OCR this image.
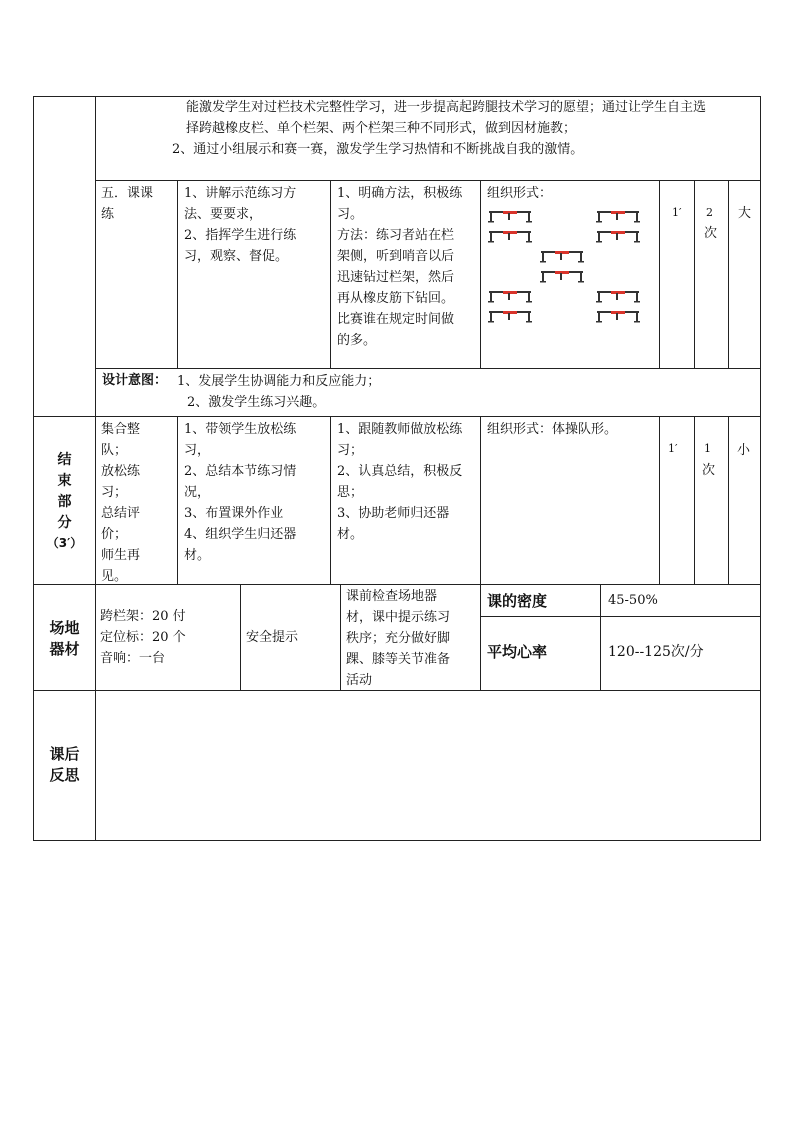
能激发学生对过栏技术完整性学习，进一步提高起跨腿技术学习的愿望；通过让学生自主选
择跨越橡皮栏、单个栏架、两个栏架三种不同形式，做到因材施教；
2、通过小组展示和赛一赛，激发学生学习热情和不断挑战自我的激情。
五．课课
练
1、讲解示范练习方
法、要要求，
2、指挥学生进行练
习，观察、督促。
1、明确方法，积极练
习。
方法：练习者站在栏
架侧，听到哨音以后
迅速钻过栏架，然后
再从橡皮筋下钻回。
比赛谁在规定时间做
的多。
组织形式：
1′ 2
次
大
设计意图： 1、发展学生协调能力和反应能力；
2、激发学生练习兴趣。
结
束
部
分
（3′）
集合整
队；
放松练
习；
总结评
价；
师生再
见。
1、带领学生放松练
习，
2、总结本节练习情
况，
3、布置课外作业
4、组织学生归还器
材。
1、跟随教师做放松练
习；
2、认真总结，积极反
思；
3、协助老师归还器
材。
组织形式：体操队形。
1′ 1
次
小
场地
器材
跨栏架：20 付
定位标：20 个
音响：一台
安全提示
课前检查场地器
材，课中提示练习
秩序；充分做好脚
踝、膝等关节准备
活动
课的密度	45-50%
平均心率	120--125次/分
课后
反思
